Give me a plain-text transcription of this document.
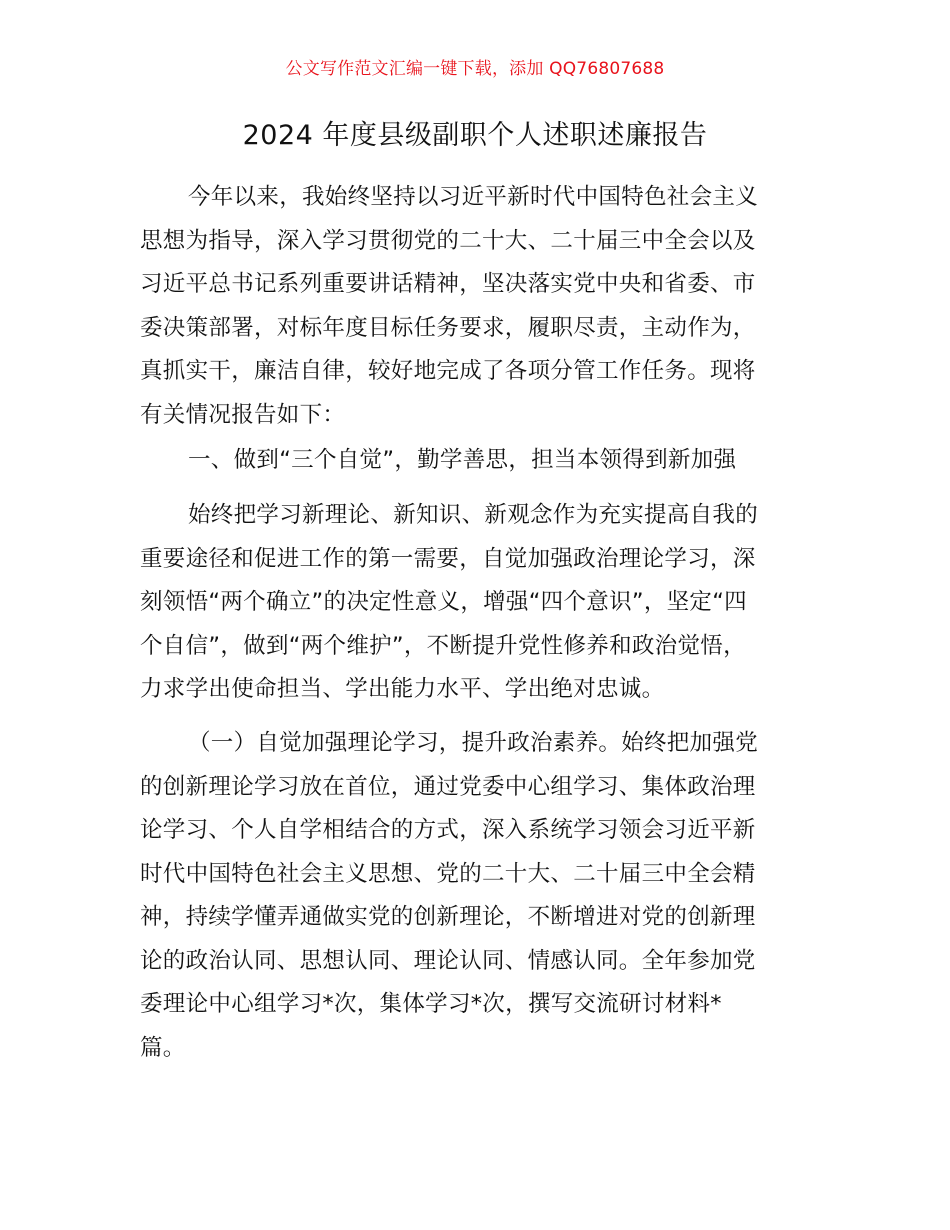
公文写作范文汇编一键下载，添加 QQ76807688
2024 年度县级副职个人述职述廉报告
今年以来，我始终坚持以习近平新时代中国特色社会主义
思想为指导，深入学习贯彻党的二十大、二十届三中全会以及
习近平总书记系列重要讲话精神，坚决落实党中央和省委、市
委决策部署，对标年度目标任务要求，履职尽责，主动作为，
真抓实干，廉洁自律，较好地完成了各项分管工作任务。现将
有关情况报告如下：
一、做到“三个自觉”，勤学善思，担当本领得到新加强
始终把学习新理论、新知识、新观念作为充实提高自我的
重要途径和促进工作的第一需要，自觉加强政治理论学习，深
刻领悟“两个确立”的决定性意义，增强“四个意识”，坚定“四
个自信”，做到“两个维护”，不断提升党性修养和政治觉悟，
力求学出使命担当、学出能力水平、学出绝对忠诚。
（一）自觉加强理论学习，提升政治素养。始终把加强党
的创新理论学习放在首位，通过党委中心组学习、集体政治理
论学习、个人自学相结合的方式，深入系统学习领会习近平新
时代中国特色社会主义思想、党的二十大、二十届三中全会精
神，持续学懂弄通做实党的创新理论，不断增进对党的创新理
论的政治认同、思想认同、理论认同、情感认同。全年参加党
委理论中心组学习*次，集体学习*次，撰写交流研讨材料*
篇。
